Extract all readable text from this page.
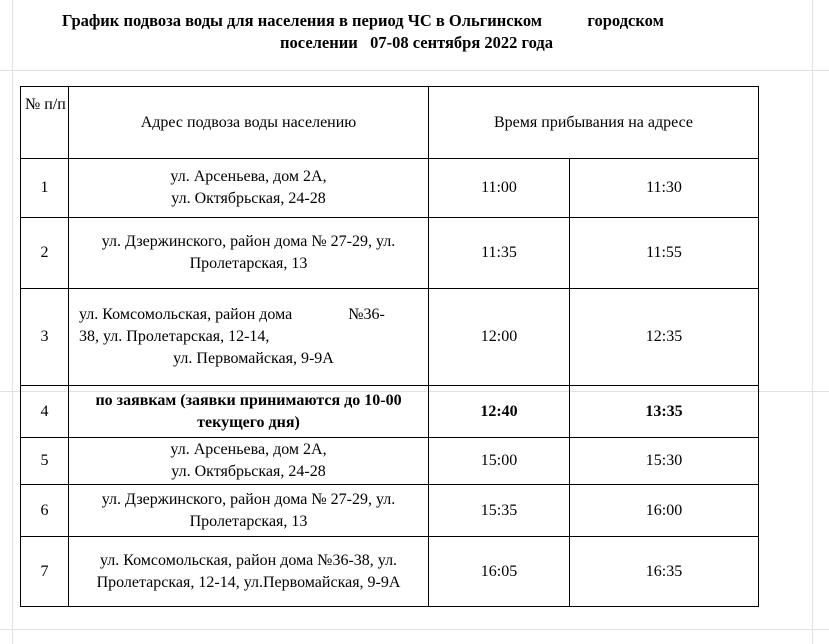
График подвоза воды для населения в период ЧС в Ольгинском           городском
поселении   07-08 сентября 2022 года
№ п/п	Адрес подвоза воды населению	Время прибывания на адресе	
1	ул. Арсеньева, дом 2А,
ул. Октябрьская, 24-28	11:00	11:30
2	ул. Дзержинского, район дома № 27-29, ул.
Пролетарская, 13	11:35	11:55
3	ул. Комсомольская, район дома              №36-
38, ул. Пролетарская, 12-14,
ул. Первомайская, 9-9А	12:00	12:35
4	по заявкам (заявки принимаются до 10-00
текущего дня)	12:40	13:35
5	ул. Арсеньева, дом 2А,
ул. Октябрьская, 24-28	15:00	15:30
6	ул. Дзержинского, район дома № 27-29, ул.
Пролетарская, 13	15:35	16:00
7	ул. Комсомольская, район дома №36-38, ул.
Пролетарская, 12-14, ул.Первомайская, 9-9А	16:05	16:35
